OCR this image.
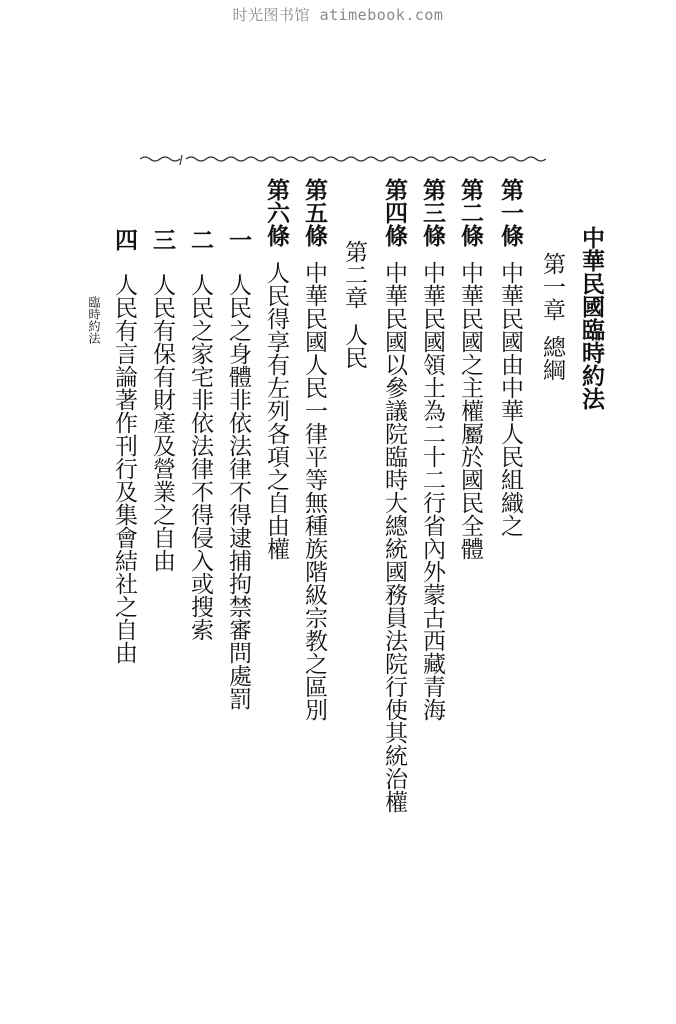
时光图书馆 atimebook.com
中華民國臨時約法
第一章總綱
第一條中華民國由中華人民組織之
第二條中華民國之主權屬於國民全體
第三條中華民國領土為二十二行省內外蒙古西藏青海
第四條中華民國以參議院臨時大總統國務員法院行使其統治權
第二章人民
第五條中華民國人民一律平等無種族階級宗教之區別
第六條人民得享有左列各項之自由權
一人民之身體非依法律不得逮捕拘禁審問處罰
二人民之家宅非依法律不得侵入或搜索
三人民有保有財產及營業之自由
四人民有言論著作刊行及集會結社之自由
臨時約法
